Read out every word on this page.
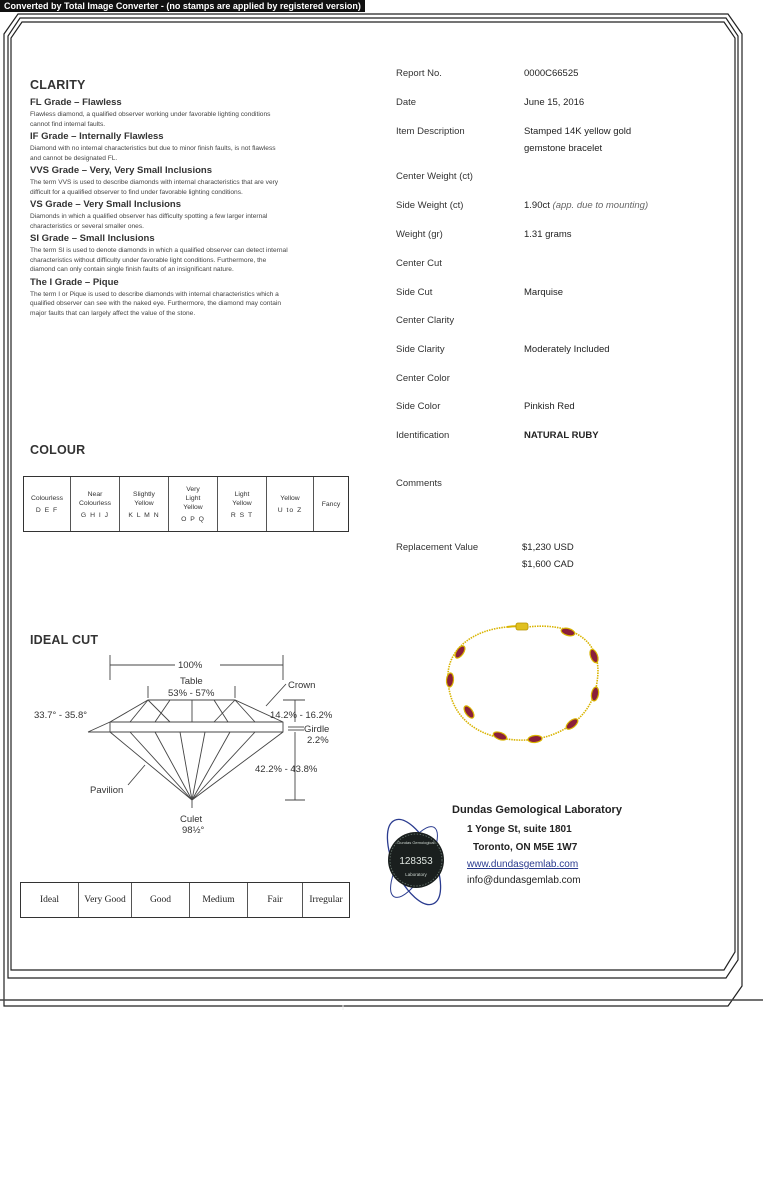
Converted by Total Image Converter - (no stamps are applied by registered version)
CLARITY
FL Grade – Flawless
Flawless diamond, a qualified observer working under favorable lighting conditions
cannot find internal faults.
IF Grade – Internally Flawless
Diamond with no internal characteristics but due to minor finish faults, is not flawless
and cannot be designated FL.
VVS Grade – Very, Very Small Inclusions
The term VVS is used to describe diamonds with internal characteristics that are very
difficult for a qualified observer to find under favorable lighting conditions.
VS Grade – Very Small Inclusions
Diamonds in which a qualified observer has difficulty spotting a few larger internal
characteristics or several smaller ones.
SI Grade – Small Inclusions
The term SI is used to denote diamonds in which a qualified observer can detect internal
characteristics without difficulty under favorable light conditions. Furthermore, the
diamond can only contain single finish faults of an insignificant nature.
The I Grade – Pique
The term I or Pique is used to describe diamonds with internal characteristics which a
qualified observer can see with the naked eye. Furthermore, the diamond may contain
major faults that can largely affect the value of the stone.
COLOUR
Colourless
D E F

Near
Colourless
G H I J

Slightly
Yellow
K L M N

Very
Light
Yellow
O P Q

Light
Yellow
R S T

Yellow
U to Z

Fancy
IDEAL CUT
100%
Table
53% - 57%
Crown
33.7° - 35.8°	14.2% - 16.2%
Girdle
2.2%
42.2% - 43.8%
Pavilion
Culet
98½°
Ideal	Very Good	Good	Medium	Fair	Irregular
Report No.	0000C66525
Date	June 15, 2016
Item Description	Stamped 14K yellow gold
gemstone bracelet
Center Weight (ct)
Side Weight (ct)	1.90ct (app. due to mounting)
Weight (gr)	1.31 grams
Center Cut
Side Cut	Marquise
Center Clarity
Side Clarity	Moderately Included
Center Color
Side Color	Pinkish Red
Identification	NATURAL RUBY
Comments
Replacement Value	$1,230 USD
$1,600 CAD
Dundas Gemological
128353
Laboratory
Dundas Gemological Laboratory
1 Yonge St, suite 1801
Toronto, ON M5E 1W7
www.dundasgemlab.com
info@dundasgemlab.com
